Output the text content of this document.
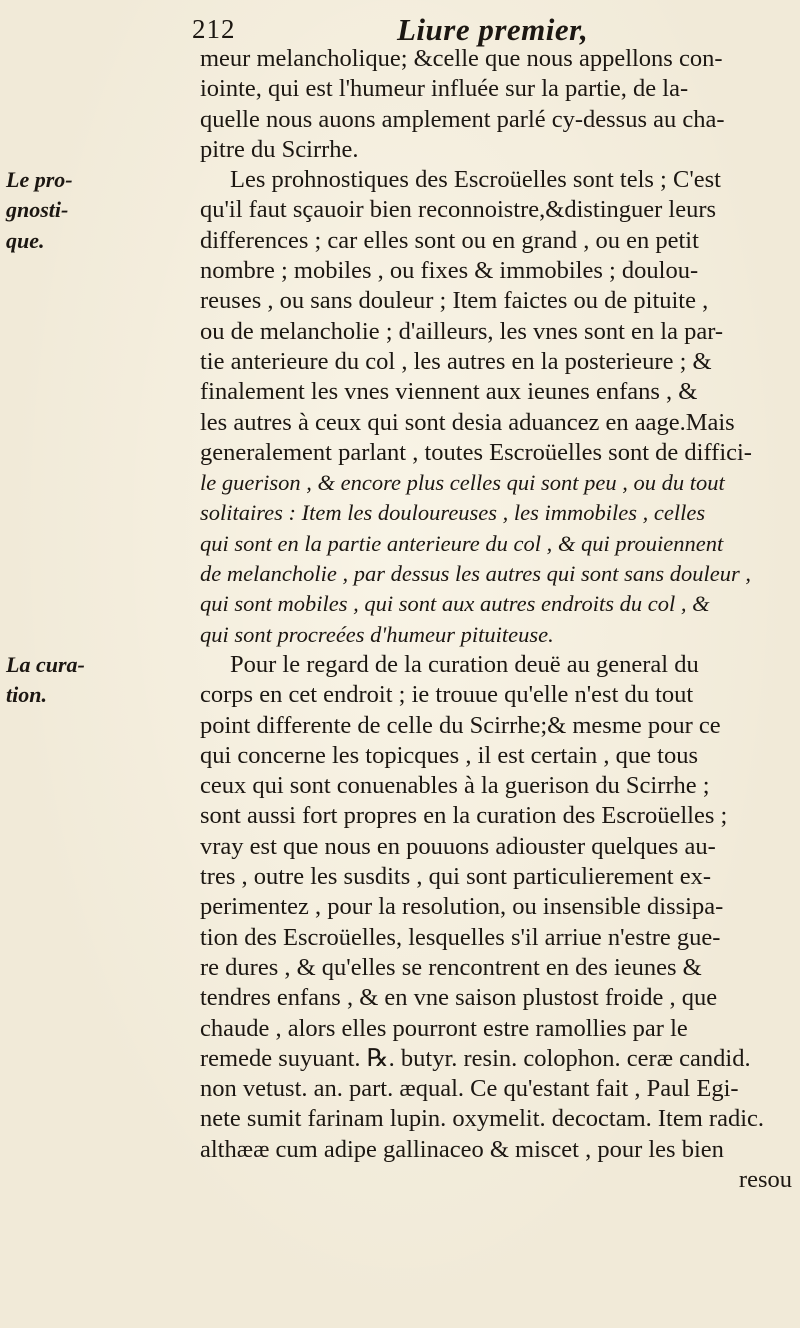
212	Liure premier,
Le pro-
gnosti-
que.
La cura-
tion.
meur melancholique; &celle que nous appellons con-
iointe, qui est l'humeur influée sur la partie, de la-
quelle nous auons amplement parlé cy-dessus au cha-
pitre du Scirrhe.
Les prohnostiques des Escroüelles sont tels ; C'est
qu'il faut sçauoir bien reconnoistre,&distinguer leurs
differences ; car elles sont ou en grand , ou en petit
nombre ; mobiles , ou fixes & immobiles ; doulou-
reuses , ou sans douleur ; Item faictes ou de pituite ,
ou de melancholie ; d'ailleurs, les vnes sont en la par-
tie anterieure du col , les autres en la posterieure ; &
finalement les vnes viennent aux ieunes enfans , &
les autres à ceux qui sont desia aduancez en aage.Mais
generalement parlant , toutes Escroüelles sont de diffici-
le guerison , & encore plus celles qui sont peu , ou du tout
solitaires : Item les douloureuses , les immobiles , celles
qui sont en la partie anterieure du col , & qui prouiennent
de melancholie , par dessus les autres qui sont sans douleur ,
qui sont mobiles , qui sont aux autres endroits du col , &
qui sont procreées d'humeur pituiteuse.
Pour le regard de la curation deuë au general du
corps en cet endroit ; ie trouue qu'elle n'est du tout
point differente de celle du Scirrhe;& mesme pour ce
qui concerne les topicques , il est certain , que tous
ceux qui sont conuenables à la guerison du Scirrhe ;
sont aussi fort propres en la curation des Escroüelles ;
vray est que nous en pouuons adiouster quelques au-
tres , outre les susdits , qui sont particulierement ex-
perimentez , pour la resolution, ou insensible dissipa-
tion des Escroüelles, lesquelles s'il arriue n'estre gue-
re dures , & qu'elles se rencontrent en des ieunes &
tendres enfans , & en vne saison plustost froide , que
chaude , alors elles pourront estre ramollies par le
remede suyuant. ℞. butyr. resin. colophon. ceræ candid.
non vetust. an. part. æqual. Ce qu'estant fait , Paul Egi-
nete sumit farinam lupin. oxymelit. decoctam. Item radic.
althææ cum adipe gallinaceo & miscet , pour les bien
resou
